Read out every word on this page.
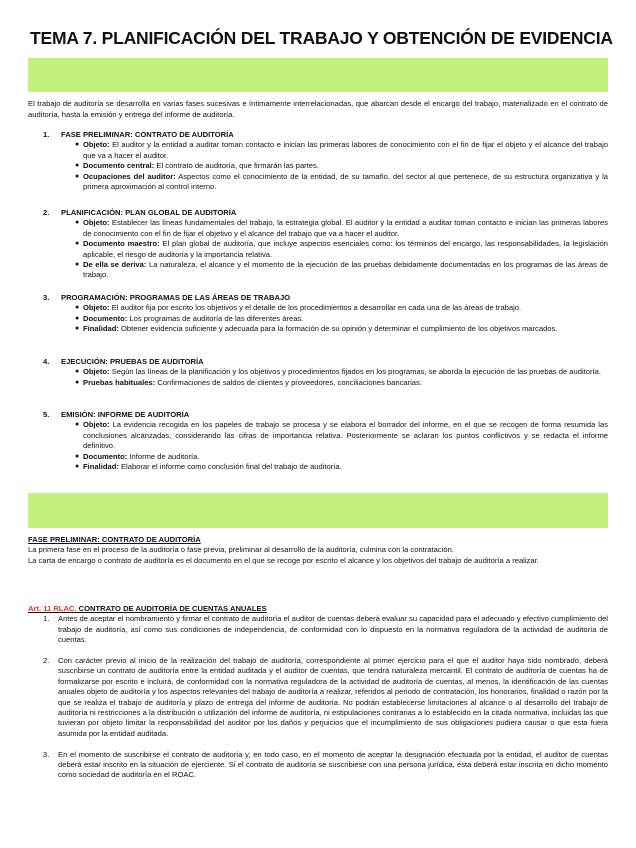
TEMA 7. PLANIFICACIÓN DEL TRABAJO Y OBTENCIÓN DE EVIDENCIA

El trabajo de auditoría se desarrolla en varias fases sucesivas e íntimamente interrelacionadas, que abarcan desde el encargo del trabajo, materializado en el contrato de auditoría, hasta la emisión y entrega del informe de auditoría.

1. FASE PRELIMINAR: CONTRATO DE AUDITORÍA
● Objeto: El auditor y la entidad a auditar toman contacto e inician las primeras labores de conocimiento con el fin de fijar el objeto y el alcance del trabajo que va a hacer el auditor.
● Documento central: El contrato de auditoría, que firmarán las partes.
● Ocupaciones del auditor: Aspectos como el conocimiento de la entidad, de su tamaño, del sector al que pertenece, de su estructura organizativa y la primera aproximación al control interno.
2. PLANIFICACIÓN: PLAN GLOBAL DE AUDITORÍA
● Objeto: Establecer las líneas fundamentales del trabajo, la estrategia global. El auditor y la entidad a auditar toman contacto e inician las primeras labores de conocimiento con el fin de fijar el objetivo y el alcance del trabajo que va a hacer el auditor.
● Documento maestro: El plan global de auditoría, que incluye aspectos esenciales como: los términos del encargo, las responsabilidades, la legislación aplicable, el riesgo de auditoría y la importancia relativa.
● De ella se deriva: La naturaleza, el alcance y el momento de la ejecución de las pruebas debidamente documentadas en los programas de las áreas de trabajo.
3. PROGRAMACIÓN: PROGRAMAS DE LAS ÁREAS DE TRABAJO
● Objeto: El auditor fija por escrito los objetivos y el detalle de los procedimientos a desarrollar en cada una de las áreas de trabajo.
● Documento: Los programas de auditoría de las diferentes áreas.
● Finalidad: Obtener evidencia suficiente y adecuada para la formación de su opinión y determinar el cumplimiento de los objetivos marcados.
4. EJECUCIÓN: PRUEBAS DE AUDITORÍA
● Objeto: Según las líneas de la planificación y los objetivos y procedimientos fijados en los programas, se aborda la ejecución de las pruebas de auditoría.
● Pruebas habituales: Confirmaciones de saldos de clientes y proveedores, conciliaciones bancarias.
5. EMISIÓN: INFORME DE AUDITORÍA
● Objeto: La evidencia recogida en los papeles de trabajo se procesa y se elabora el borrador del informe, en el que se recogen de forma resumida las conclusiones alcanzadas, considerando las cifras de importancia relativa. Posteriormente se aclaran los puntos conflictivos y se redacta el informe definitivo.
● Documento: Informe de auditoría.
● Finalidad: Elaborar el informe como conclusión final del trabajo de auditoría.
FASE PRELIMINAR: CONTRATO DE AUDITORÍA

La primera fase en el proceso de la auditoría o fase previa, preliminar al desarrollo de la auditoría, culmina con la contratación.

La carta de encargo o contrato de auditoría es el documento en el que se recoge por escrito el alcance y los objetivos del trabajo de auditoría a realizar.

Art. 11 RLAC. CONTRATO DE AUDITORÍA DE CUENTAS ANUALES
1. Antes de aceptar el nombramiento y firmar el contrato de auditoría el auditor de cuentas deberá evaluar su capacidad para el adecuado y efectivo cumplimiento del trabajo de auditoría, así como sus condiciones de independencia, de conformidad con lo dispuesto en la normativa reguladora de la actividad de auditoría de cuentas.
2. Con carácter previo al inicio de la realización del trabajo de auditoría, correspondiente al primer ejercicio para el que el auditor haya sido nombrado, deberá suscribirse un contrato de auditoría entre la entidad auditada y el auditor de cuentas, que tendrá naturaleza mercantil. El contrato de auditoría de cuentas ha de formalizarse por escrito e incluirá, de conformidad con la normativa reguladora de la actividad de auditoría de cuentas, al menos, la identificación de las cuentas anuales objeto de auditoría y los aspectos relevantes del trabajo de auditoría a realizar, referidos al periodo de contratación, los honorarios, finalidad o razón por la que se realiza el trabajo de auditoría y plazo de entrega del informe de auditoría. No podrán establecerse limitaciones al alcance o al desarrollo del trabajo de auditoría ni restricciones a la distribución o utilización del informe de auditoría, ni estipulaciones contrarias a lo establecido en la citada normativa, incluidas las que tuvieran por objeto limitar la responsabilidad del auditor por los daños y perjuicios que el incumplimiento de sus obligaciones pudiera causar o que esta fuera asumida por la entidad auditada.
3. En el momento de suscribirse el contrato de auditoría y, en todo caso, en el momento de aceptar la designación efectuada por la entidad, el auditor de cuentas deberá estar inscrito en la situación de ejerciente. Si el contrato de auditoría se suscribiese con una persona jurídica, ésta deberá estar inscrita en dicho momento como sociedad de auditoría en el ROAC.
